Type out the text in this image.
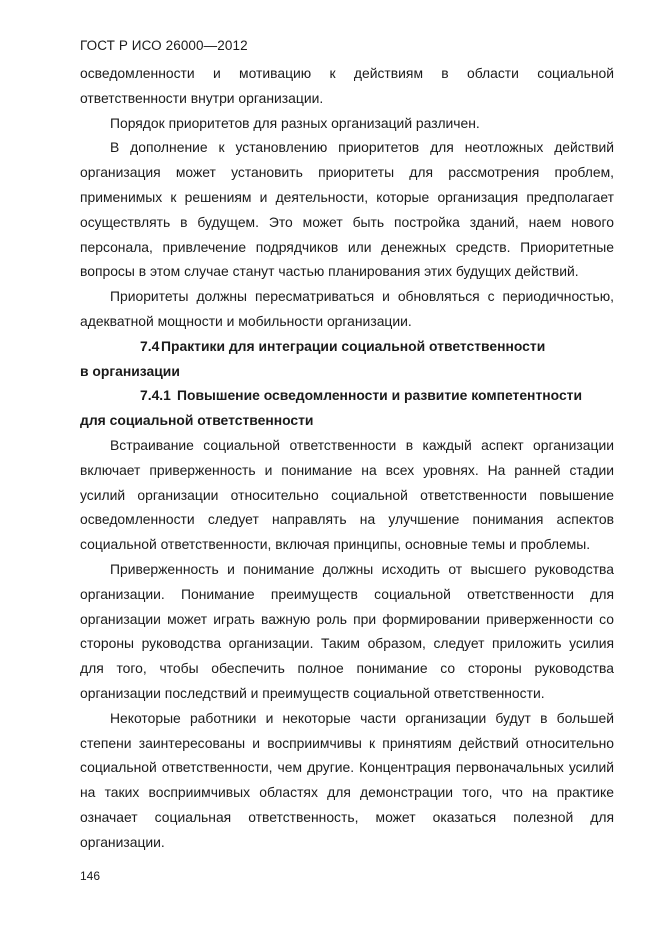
ГОСТ Р ИСО 26000—2012

осведомленности и мотивацию к действиям в области социальной ответственности внутри организации.

Порядок приоритетов для разных организаций различен.

В дополнение к установлению приоритетов для неотложных действий организация может установить приоритеты для рассмотрения проблем, применимых к решениям и деятельности, которые организация предполагает осуществлять в будущем. Это может быть постройка зданий, наем нового персонала, привлечение подрядчиков или денежных средств. Приоритетные вопросы в этом случае станут частью планирования этих будущих действий.

Приоритеты должны пересматриваться и обновляться с периодичностью, адекватной мощности и мобильности организации.

7.4 Практики для интеграции социальной ответственности

в организации

7.4.1 Повышение осведомленности и развитие компетентности

для социальной ответственности

Встраивание социальной ответственности в каждый аспект организации включает приверженность и понимание на всех уровнях. На ранней стадии усилий организации относительно социальной ответственности повышение осведомленности следует направлять на улучшение понимания аспектов социальной ответственности, включая принципы, основные темы и проблемы.

Приверженность и понимание должны исходить от высшего руководства организации. Понимание преимуществ социальной ответственности для организации может играть важную роль при формировании приверженности со стороны руководства организации. Таким образом, следует приложить усилия для того, чтобы обеспечить полное понимание со стороны руководства организации последствий и преимуществ социальной ответственности.

Некоторые работники и некоторые части организации будут в большей степени заинтересованы и восприимчивы к принятиям действий относительно социальной ответственности, чем другие. Концентрация первоначальных усилий на таких восприимчивых областях для демонстрации того, что на практике означает социальная ответственность, может оказаться полезной для организации.

146
